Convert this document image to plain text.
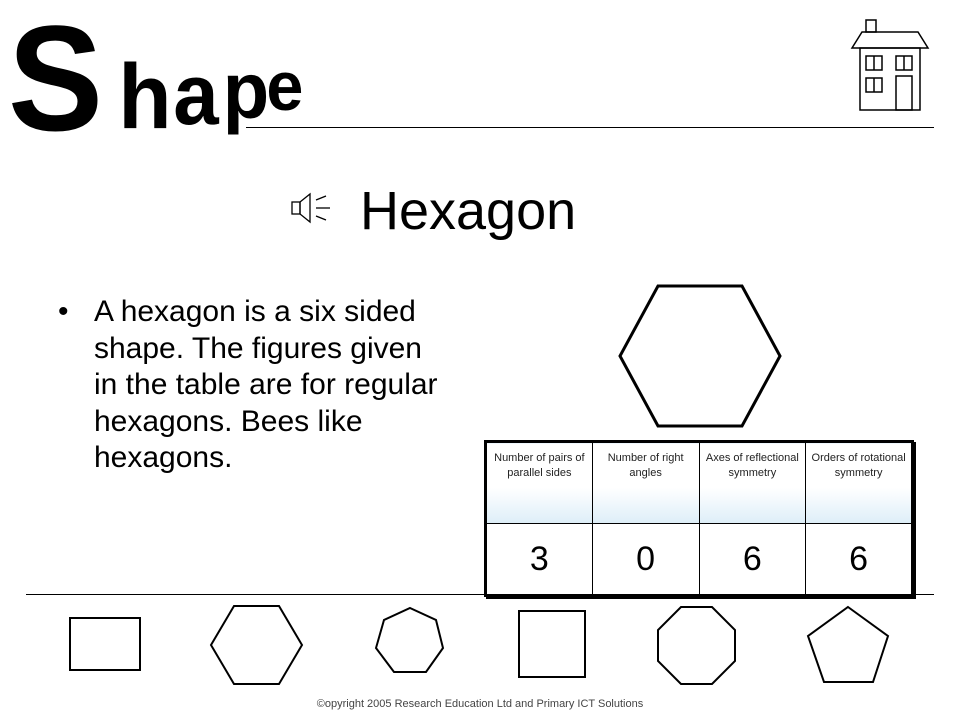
S h a p
e
Hexagon
• A hexagon is a six sided shape. The figures given in the table are for regular hexagons. Bees like hexagons.	Number of pairs of parallel sides	Number of right angles	Axes of reflectional symmetry	Orders of rotational symmetry
3	0	6	6
©opyright 2005 Research Education Ltd and Primary ICT Solutions
